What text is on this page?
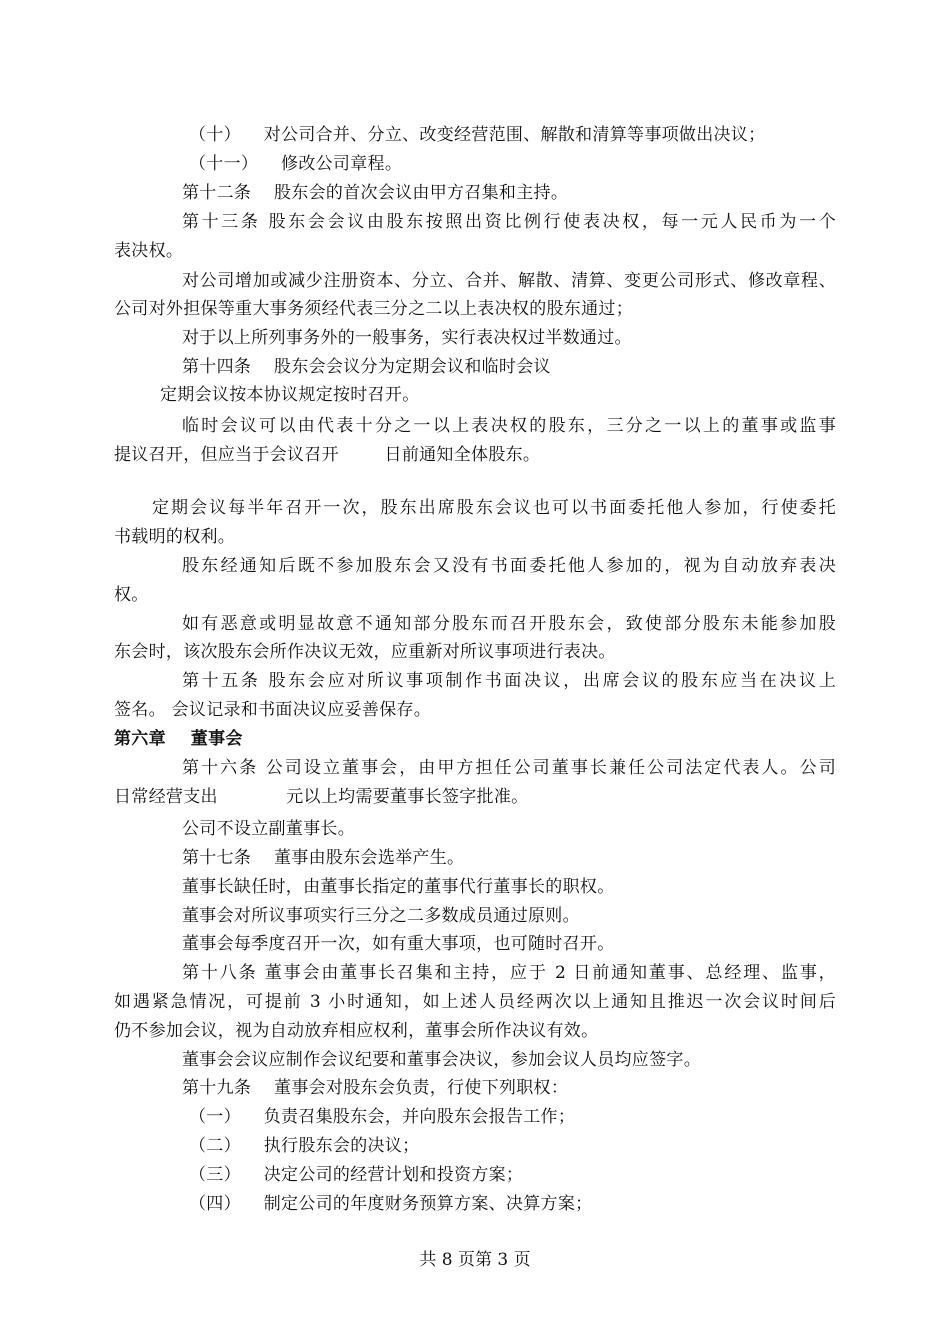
（十）    对公司合并、分立、改变经营范围、解散和清算等事项做出决议；
（十一）    修改公司章程。
第十二条    股东会的首次会议由甲方召集和主持。
第十三条 股东会会议由股东按照出资比例行使表决权，每一元人民币为一个
表决权。
对公司增加或减少注册资本、分立、合并、解散、清算、变更公司形式、修改章程、
公司对外担保等重大事务须经代表三分之二以上表决权的股东通过；
对于以上所列事务外的一般事务，实行表决权过半数通过。
第十四条    股东会会议分为定期会议和临时会议
定期会议按本协议规定按时召开。
临时会议可以由代表十分之一以上表决权的股东，三分之一以上的董事或监事
提议召开，但应当于会议召开        日前通知全体股东。
定期会议每半年召开一次，股东出席股东会议也可以书面委托他人参加，行使委托
书载明的权利。
股东经通知后既不参加股东会又没有书面委托他人参加的，视为自动放弃表决
权。
如有恶意或明显故意不通知部分股东而召开股东会，致使部分股东未能参加股
东会时，该次股东会所作决议无效，应重新对所议事项进行表决。
第十五条 股东会应对所议事项制作书面决议，出席会议的股东应当在决议上
签名。 会议记录和书面决议应妥善保存。
第六章    董事会
第十六条 公司设立董事会，由甲方担任公司董事长兼任公司法定代表人。公司
日常经营支出            元以上均需要董事长签字批准。
公司不设立副董事长。
第十七条    董事由股东会选举产生。
董事长缺任时，由董事长指定的董事代行董事长的职权。
董事会对所议事项实行三分之二多数成员通过原则。
董事会每季度召开一次，如有重大事项，也可随时召开。
第十八条 董事会由董事长召集和主持，应于 2 日前通知董事、总经理、监事，
如遇紧急情况，可提前 3 小时通知，如上述人员经两次以上通知且推迟一次会议时间后
仍不参加会议，视为自动放弃相应权利，董事会所作决议有效。
董事会会议应制作会议纪要和董事会决议，参加会议人员均应签字。
第十九条    董事会对股东会负责，行使下列职权：
（一）    负责召集股东会，并向股东会报告工作；
（二）    执行股东会的决议；
（三）    决定公司的经营计划和投资方案；
（四）    制定公司的年度财务预算方案、决算方案；
共 8 页第 3 页
